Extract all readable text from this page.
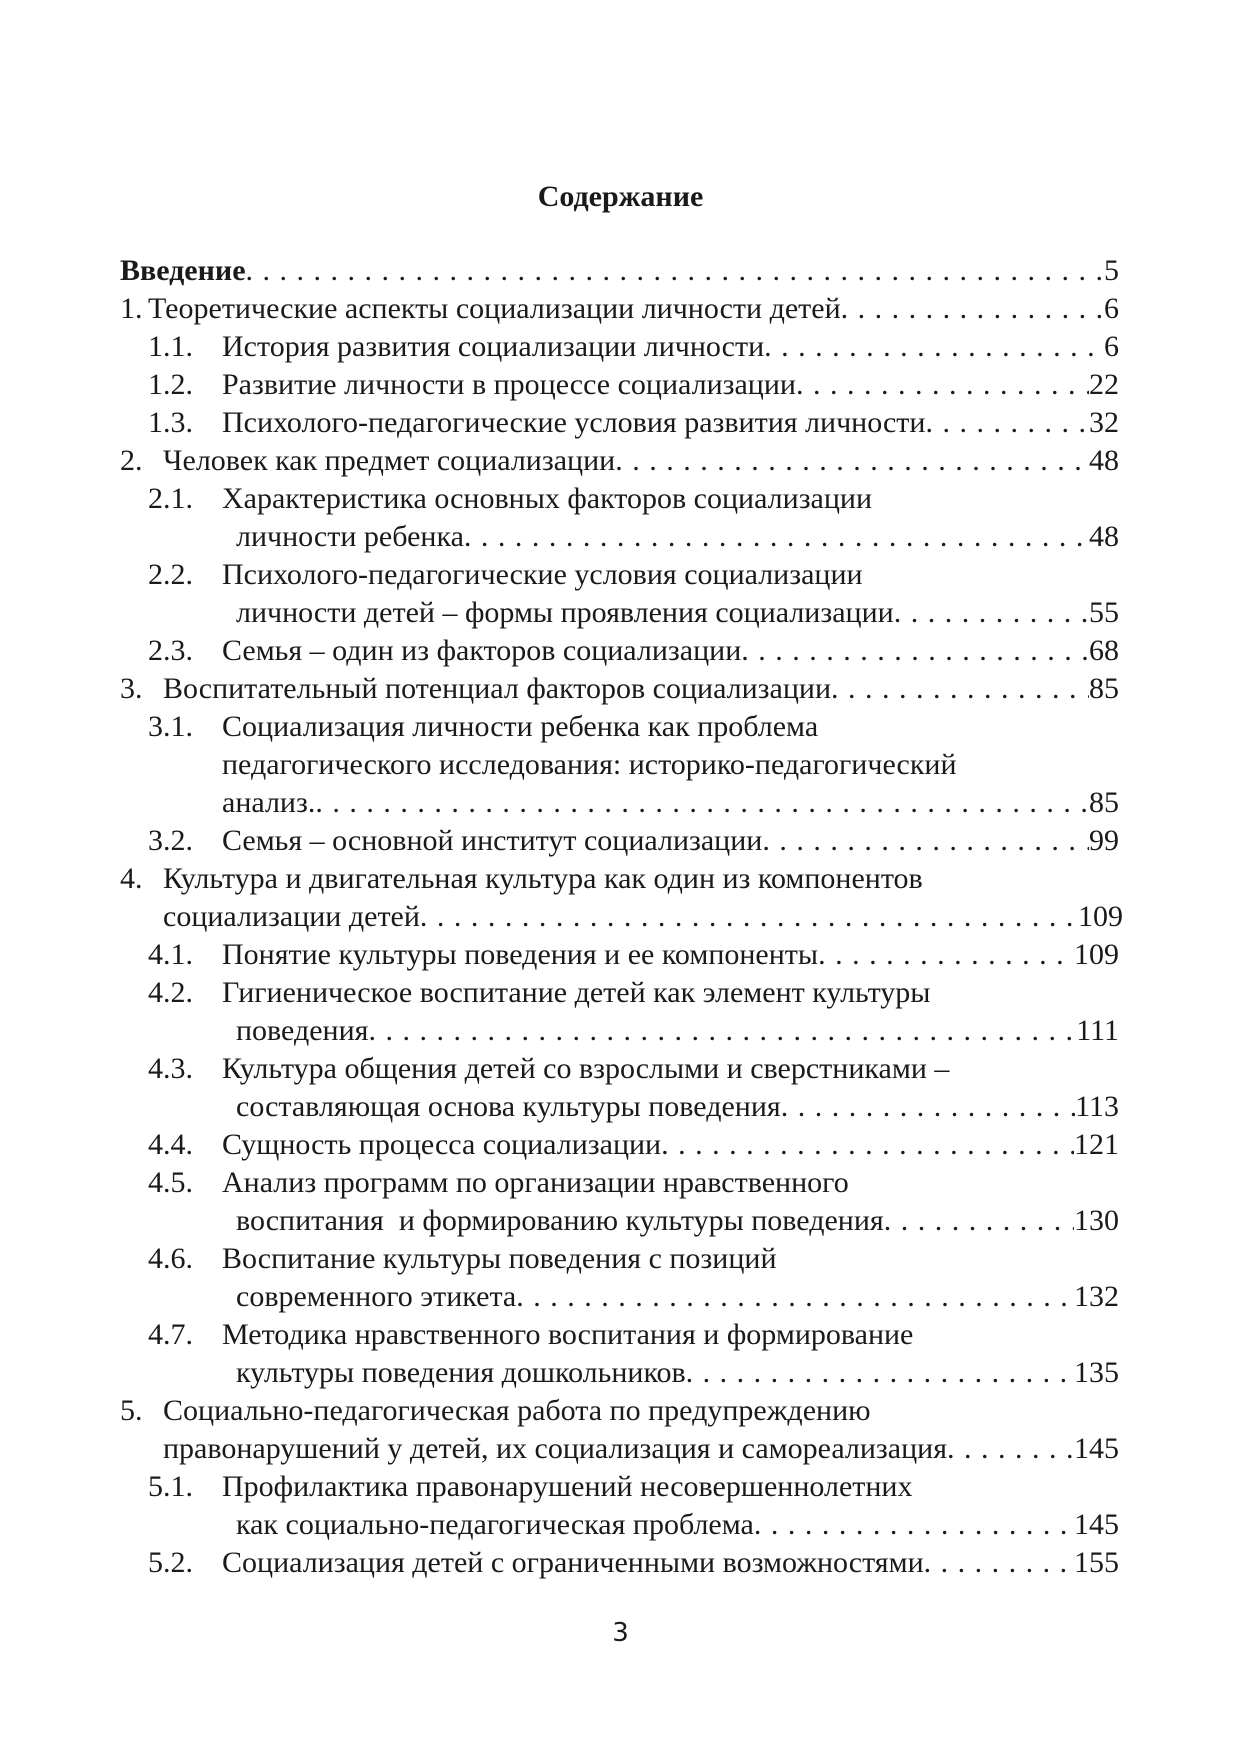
Содержание
Введение . . .	5
1. Теоретические аспекты социализации личности детей . . .	6
1.1. История развития социализации личности . . .	6
1.2. Развитие личности в процессе социализации . . .	22
1.3. Психолого-педагогические условия развития личности . . .	32
2. Человек как предмет социализации . . .	48
2.1. Характеристика основных факторов социализации
личности ребенка . . .	48
2.2. Психолого-педагогические условия социализации
личности детей – формы проявления социализации . . .	55
2.3. Семья – один из факторов социализации . . .	68
3. Воспитательный потенциал факторов социализации . . .	85
3.1. Социализация личности ребенка как проблема
педагогического исследования: историко-педагогический
анализ. . . .	85
3.2. Семья – основной институт социализации . . .	99
4. Культура и двигательная культура как один из компонентов
социализации детей . . .	109
4.1. Понятие культуры поведения и ее компоненты . . .	109
4.2. Гигиеническое воспитание детей как элемент культуры
поведения . . .	111
4.3. Культура общения детей со взрослыми и сверстниками –
составляющая основа культуры поведения . . .	113
4.4. Сущность процесса социализации . . .	121
4.5. Анализ программ по организации нравственного
воспитания  и формированию культуры поведения . . .	130
4.6. Воспитание культуры поведения с позиций
современного этикета . . .	132
4.7. Методика нравственного воспитания и формирование
культуры поведения дошкольников . . .	135
5. Социально-педагогическая работа по предупреждению
правонарушений у детей, их социализация и самореализация . . .	145
5.1. Профилактика правонарушений несовершеннолетних
как социально-педагогическая проблема . . .	145
5.2. Социализация детей с ограниченными возможностями . . .	155
3
